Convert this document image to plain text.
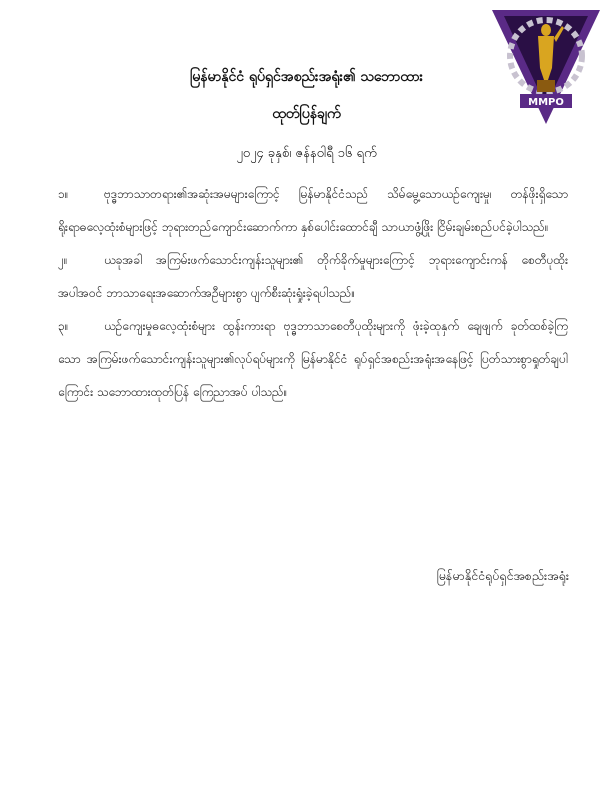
MMPO
မြန်မာနိုင်ငံ ရုပ်ရှင်အစည်းအရုံး၏ သဘောထား
ထုတ်ပြန်ချက်
၂၀၂၄ ခုနှစ်၊ ဇန်နဝါရီ ၁၆ ရက်
၁။	ဗုဒ္ဓဘာသာတရား၏အဆုံးအမများကြောင့် မြန်မာနိုင်ငံသည် သိမ်မွေ့သောယဉ်ကျေးမှု၊ တန်ဖိုးရှိသောရိုးရာဓလေ့ထုံးစံများဖြင့် ဘုရားတည်ကျောင်းဆောက်ကာ နှစ်ပေါင်းထောင်ချီ သာယာဖွံ့ဖြိုး ငြိမ်းချမ်းစည်ပင်ခဲ့ပါသည်။
၂။	ယခုအခါ အကြမ်းဖက်သောင်းကျန်းသူများ၏ တိုက်ခိုက်မှုများကြောင့် ဘုရားကျောင်းကန် စေတီပုထိုးအပါအဝင် ဘာသာရေးအဆောက်အဦများစွာ ပျက်စီးဆုံးရှုံးခဲ့ရပါသည်။
၃။	ယဉ်ကျေးမှုဓလေ့ထုံးစံများ ထွန်းကားရာ ဗုဒ္ဓဘာသာစေတီပုထိုးများကို ဖုံးခဲ့ထုနှက် ချေဖျက် ခုတ်ထစ်ခဲ့ကြသော အကြမ်းဖက်သောင်းကျန်းသူများ၏လုပ်ရပ်များကို မြန်မာနိုင်ငံ ရုပ်ရှင်အစည်းအရုံးအနေဖြင့် ပြတ်သားစွာရှုတ်ချပါကြောင်း သဘောထားထုတ်ပြန် ကြေညာအပ် ပါသည်။
မြန်မာနိုင်ငံရုပ်ရှင်အစည်းအရုံး
